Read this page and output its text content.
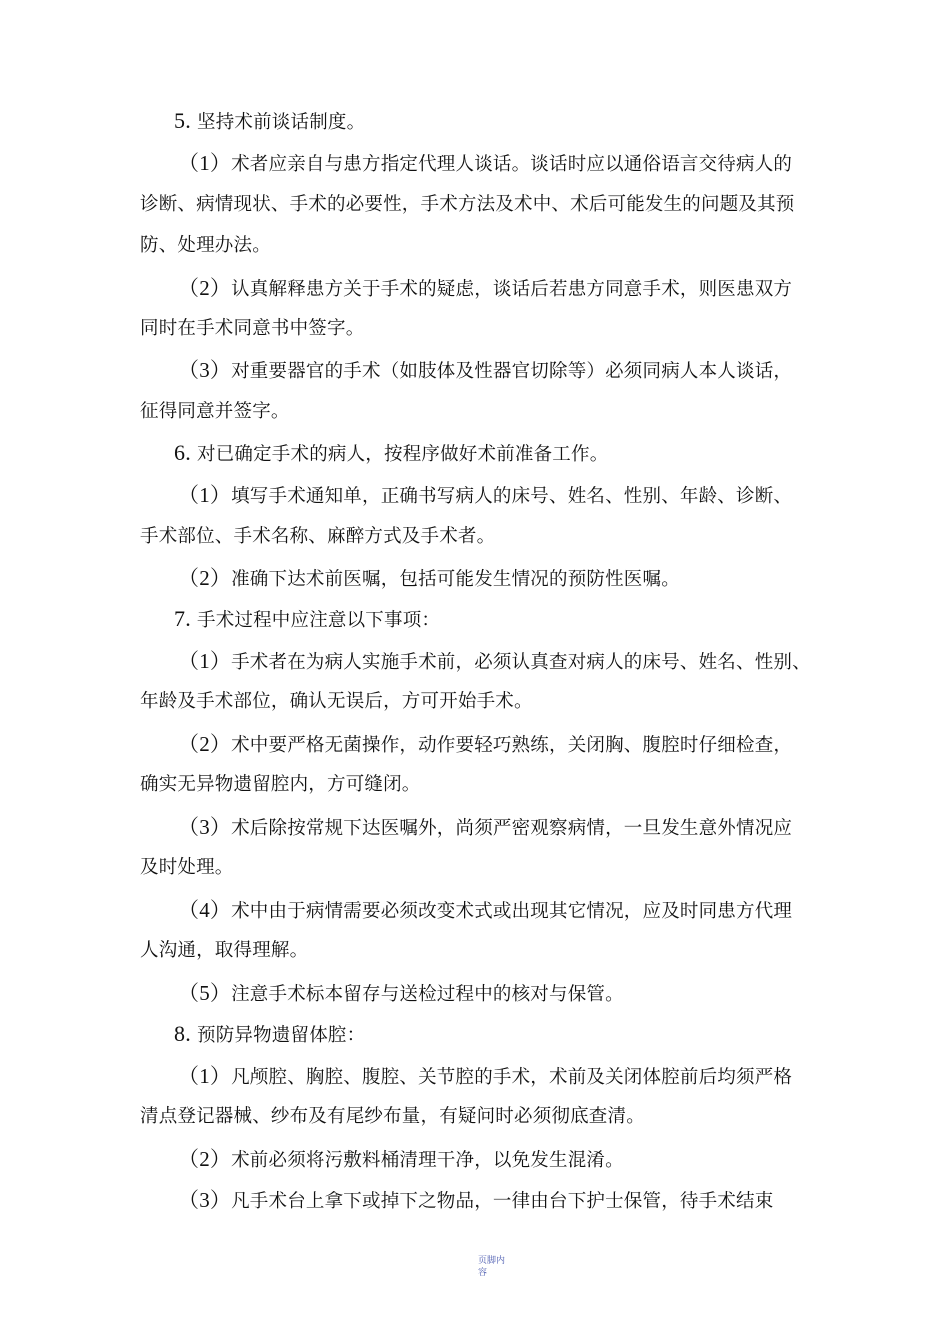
5. 坚持术前谈话制度。
（1）术者应亲自与患方指定代理人谈话。谈话时应以通俗语言交待病人的
诊断、病情现状、手术的必要性，手术方法及术中、术后可能发生的问题及其预
防、处理办法。
（2）认真解释患方关于手术的疑虑，谈话后若患方同意手术，则医患双方
同时在手术同意书中签字。
（3）对重要器官的手术（如肢体及性器官切除等）必须同病人本人谈话，
征得同意并签字。
6. 对已确定手术的病人，按程序做好术前准备工作。
（1）填写手术通知单，正确书写病人的床号、姓名、性别、年龄、诊断、
手术部位、手术名称、麻醉方式及手术者。
（2）准确下达术前医嘱，包括可能发生情况的预防性医嘱。
7. 手术过程中应注意以下事项：
（1）手术者在为病人实施手术前，必须认真查对病人的床号、姓名、性别、
年龄及手术部位，确认无误后，方可开始手术。
（2）术中要严格无菌操作，动作要轻巧熟练，关闭胸、腹腔时仔细检查，
确实无异物遗留腔内，方可缝闭。
（3）术后除按常规下达医嘱外，尚须严密观察病情，一旦发生意外情况应
及时处理。
（4）术中由于病情需要必须改变术式或出现其它情况，应及时同患方代理
人沟通，取得理解。
（5）注意手术标本留存与送检过程中的核对与保管。
8. 预防异物遗留体腔：
（1）凡颅腔、胸腔、腹腔、关节腔的手术，术前及关闭体腔前后均须严格
清点登记器械、纱布及有尾纱布量，有疑问时必须彻底查清。
（2）术前必须将污敷料桶清理干净，以免发生混淆。
（3）凡手术台上拿下或掉下之物品，一律由台下护士保管，待手术结束
页脚内容
